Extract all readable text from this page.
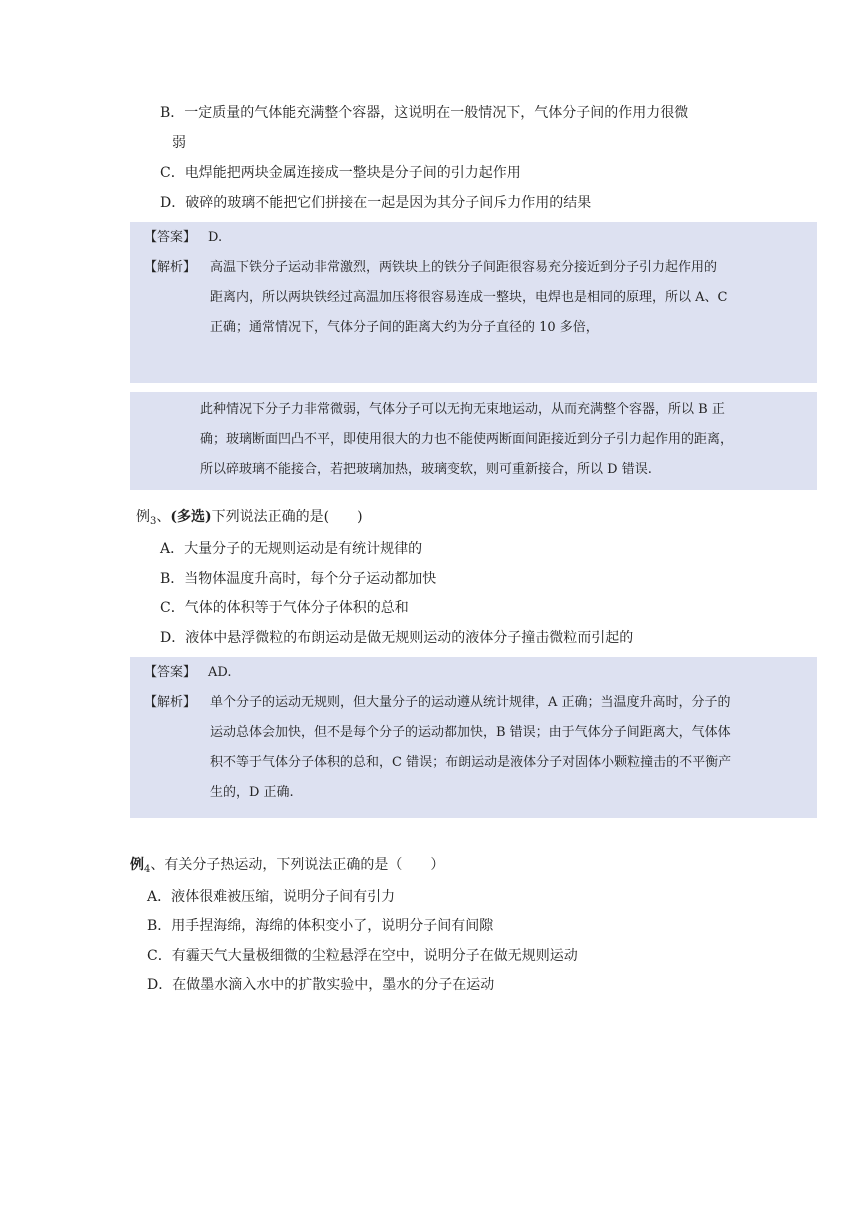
B．一定质量的气体能充满整个容器，这说明在一般情况下，气体分子间的作用力很微
弱
C．电焊能把两块金属连接成一整块是分子间的引力起作用
D．破碎的玻璃不能把它们拼接在一起是因为其分子间斥力作用的结果
【答案】 D.
【解析】 高温下铁分子运动非常激烈，两铁块上的铁分子间距很容易充分接近到分子引力起作用的
距离内，所以两块铁经过高温加压将很容易连成一整块，电焊也是相同的原理，所以 A、C
正确；通常情况下，气体分子间的距离大约为分子直径的 10 多倍，
此种情况下分子力非常微弱，气体分子可以无拘无束地运动，从而充满整个容器，所以 B 正
确；玻璃断面凹凸不平，即使用很大的力也不能使两断面间距接近到分子引力起作用的距离，
所以碎玻璃不能接合，若把玻璃加热，玻璃变软，则可重新接合，所以 D 错误.
例$_3$、(多选)下列说法正确的是(　　)
A．大量分子的无规则运动是有统计规律的
B．当物体温度升高时，每个分子运动都加快
C．气体的体积等于气体分子体积的总和
D．液体中悬浮微粒的布朗运动是做无规则运动的液体分子撞击微粒而引起的
【答案】 AD.
【解析】 单个分子的运动无规则，但大量分子的运动遵从统计规律，A 正确；当温度升高时，分子的
运动总体会加快，但不是每个分子的运动都加快，B 错误；由于气体分子间距离大，气体体
积不等于气体分子体积的总和，C 错误；布朗运动是液体分子对固体小颗粒撞击的不平衡产
生的，D 正确.
例$_4$、有关分子热运动，下列说法正确的是（　　）
A．液体很难被压缩，说明分子间有引力
B．用手捏海绵，海绵的体积变小了，说明分子间有间隙
C．有霾天气大量极细微的尘粒悬浮在空中，说明分子在做无规则运动
D．在做墨水滴入水中的扩散实验中，墨水的分子在运动
